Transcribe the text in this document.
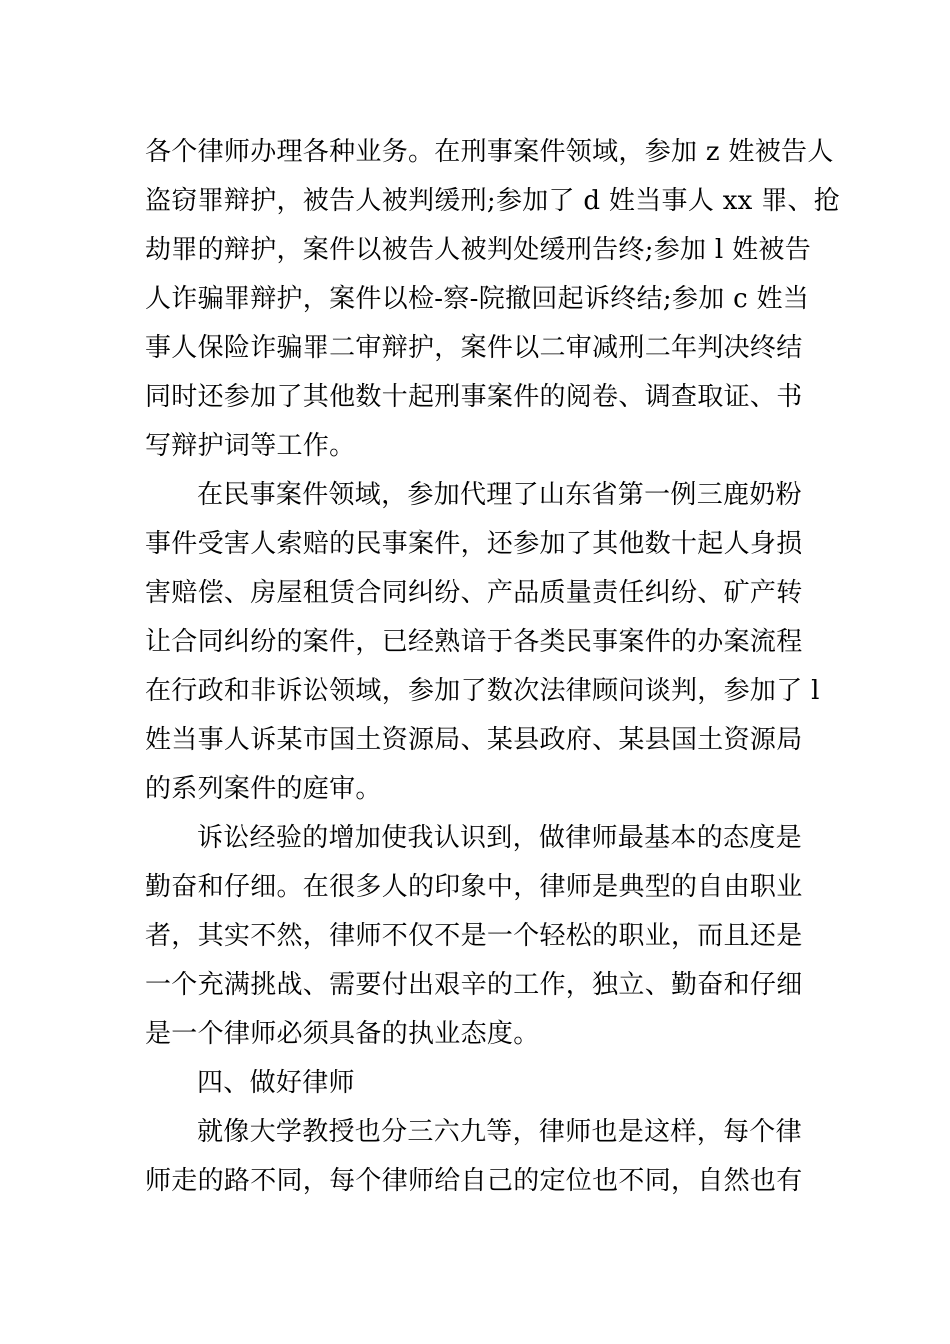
各个律师办理各种业务。在刑事案件领域，参加 z 姓被告人
盗窃罪辩护，被告人被判缓刑;参加了 d 姓当事人 xx 罪、抢
劫罪的辩护，案件以被告人被判处缓刑告终;参加 l 姓被告
人诈骗罪辩护，案件以检-察-院撤回起诉终结;参加 c 姓当
事人保险诈骗罪二审辩护，案件以二审减刑二年判决终结
同时还参加了其他数十起刑事案件的阅卷、调查取证、书
写辩护词等工作。
在民事案件领域，参加代理了山东省第一例三鹿奶粉
事件受害人索赔的民事案件，还参加了其他数十起人身损
害赔偿、房屋租赁合同纠纷、产品质量责任纠纷、矿产转
让合同纠纷的案件，已经熟谙于各类民事案件的办案流程
在行政和非诉讼领域，参加了数次法律顾问谈判，参加了 l
姓当事人诉某市国土资源局、某县政府、某县国土资源局
的系列案件的庭审。
诉讼经验的增加使我认识到，做律师最基本的态度是
勤奋和仔细。在很多人的印象中，律师是典型的自由职业
者，其实不然，律师不仅不是一个轻松的职业，而且还是
一个充满挑战、需要付出艰辛的工作，独立、勤奋和仔细
是一个律师必须具备的执业态度。
四、做好律师
就像大学教授也分三六九等，律师也是这样，每个律
师走的路不同，每个律师给自己的定位也不同，自然也有
